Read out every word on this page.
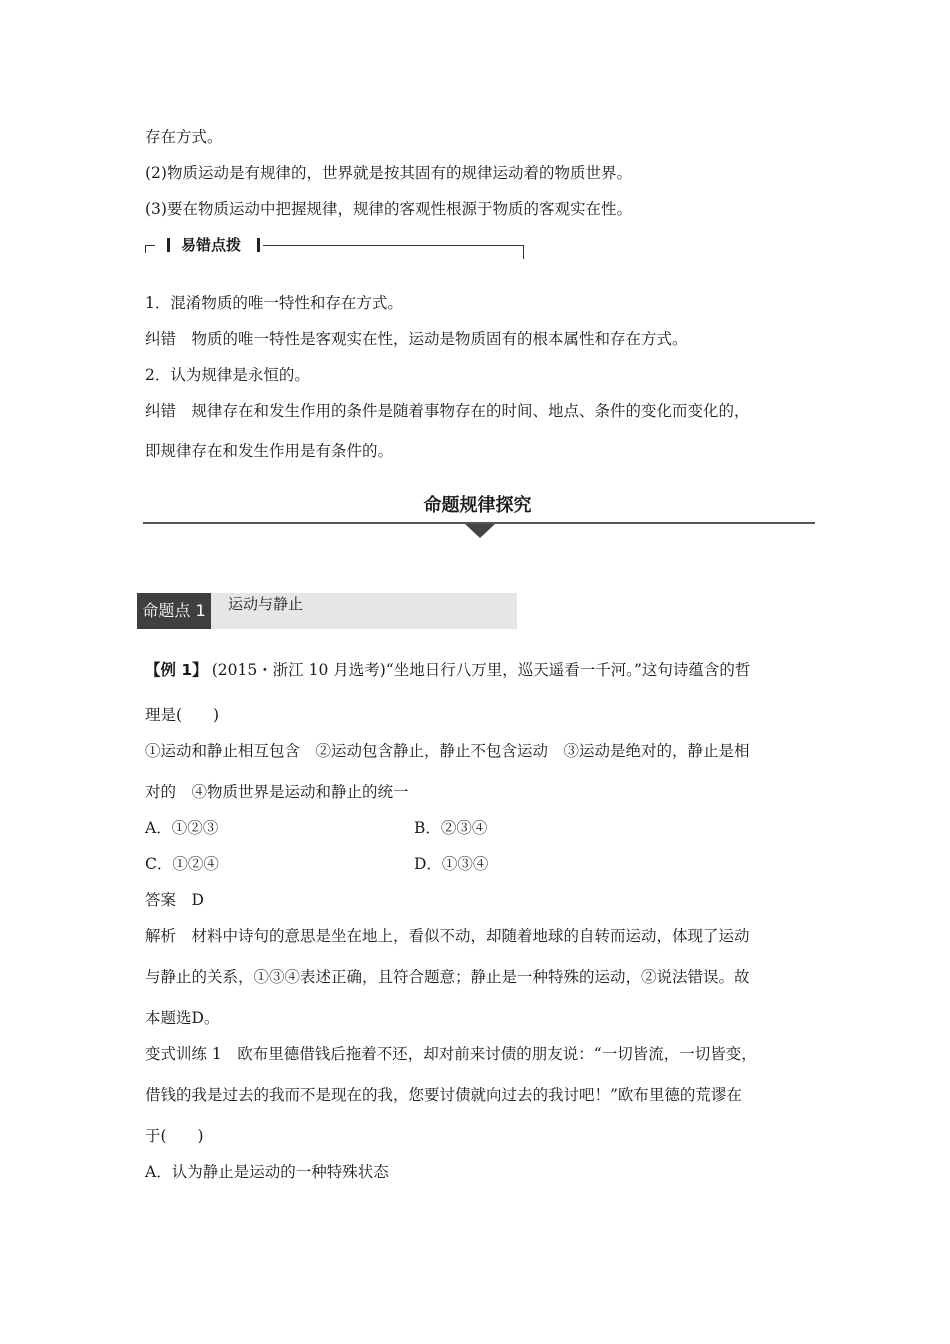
存在方式。
(2)物质运动是有规律的，世界就是按其固有的规律运动着的物质世界。
(3)要在物质运动中把握规律，规律的客观性根源于物质的客观实在性。
易错点拨
1．混淆物质的唯一特性和存在方式。
纠错　物质的唯一特性是客观实在性，运动是物质固有的根本属性和存在方式。
2．认为规律是永恒的。
纠错　规律存在和发生作用的条件是随着事物存在的时间、地点、条件的变化而变化的，
即规律存在和发生作用是有条件的。
命题规律探究
命题点 1	运动与静止
【例 1】 (2015・浙江 10 月选考)“坐地日行八万里，巡天遥看一千河。”这句诗蕴含的哲
理是(　　)
①运动和静止相互包含　②运动包含静止，静止不包含运动　③运动是绝对的，静止是相
对的　④物质世界是运动和静止的统一
A．①②③	B．②③④
C．①②④	D．①③④
答案　D
解析　材料中诗句的意思是坐在地上，看似不动，却随着地球的自转而运动，体现了运动
与静止的关系，①③④表述正确，且符合题意；静止是一种特殊的运动，②说法错误。故
本题选D。
变式训练 1　欧布里德借钱后拖着不还，却对前来讨债的朋友说：“一切皆流，一切皆变，
借钱的我是过去的我而不是现在的我，您要讨债就向过去的我讨吧！”欧布里德的荒谬在
于(　　)
A．认为静止是运动的一种特殊状态
